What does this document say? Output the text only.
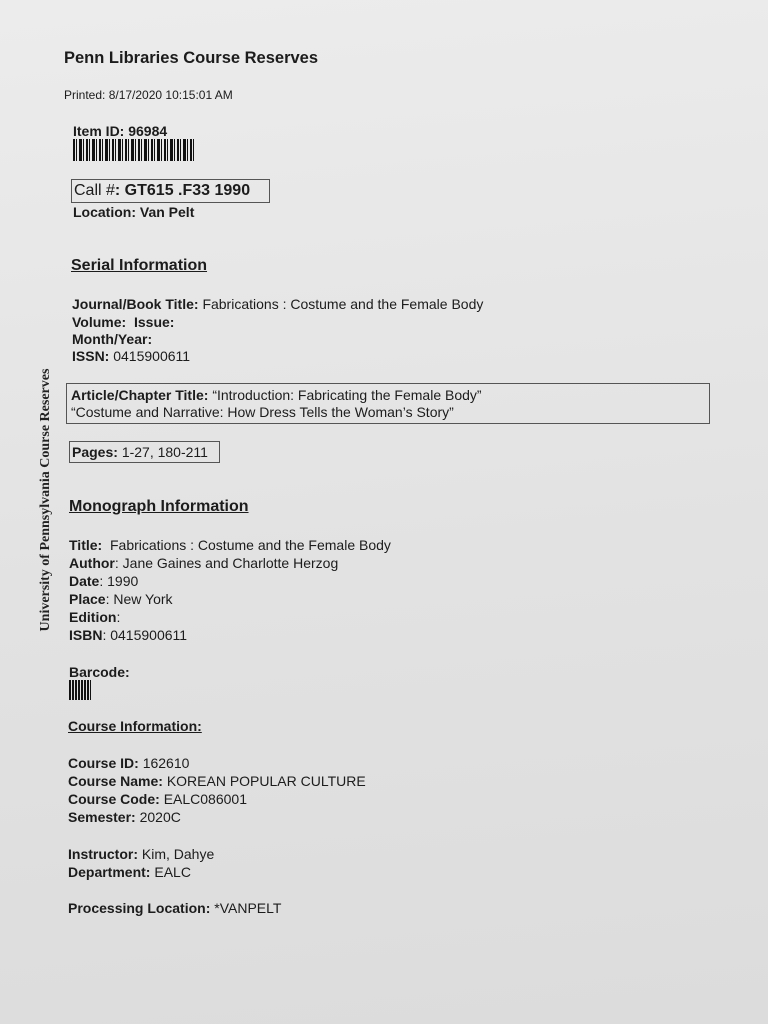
Penn Libraries Course Reserves
Printed: 8/17/2020 10:15:01 AM
Item ID: 96984
Call #: GT615 .F33 1990
Location: Van Pelt
University of Pennsylvania Course Reserves
Serial Information
Journal/Book Title: Fabrications : Costume and the Female Body
Volume: Issue:
Month/Year:
ISSN: 0415900611
Article/Chapter Title: “Introduction: Fabricating the Female Body”
“Costume and Narrative: How Dress Tells the Woman’s Story”
Pages: 1-27, 180-211
Monograph Information
Title: Fabrications : Costume and the Female Body
Author: Jane Gaines and Charlotte Herzog
Date: 1990
Place: New York
Edition:
ISBN: 0415900611
Barcode:
Course Information:
Course ID: 162610
Course Name: KOREAN POPULAR CULTURE
Course Code: EALC086001
Semester: 2020C
Instructor: Kim, Dahye
Department: EALC
Processing Location: *VANPELT
